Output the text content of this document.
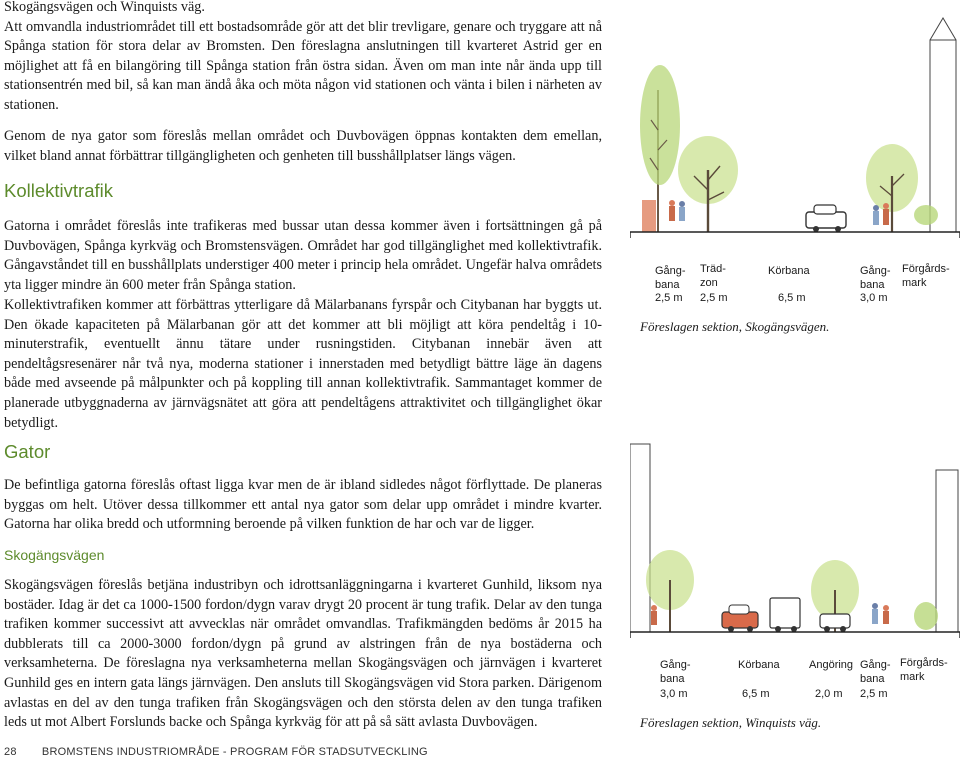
Skogängsvägen och Winquists väg.

Att omvandla industriområdet till ett bostadsområde gör att det blir trevligare, genare och tryggare att nå Spånga station för stora delar av Bromsten. Den föreslagna anslutningen till kvarteret Astrid ger en möjlighet att få en bilangöring till Spånga station från östra sidan. Även om man inte når ända upp till stationsentrén med bil, så kan man ändå åka och möta någon vid stationen och vänta i bilen i närheten av stationen.

Genom de nya gator som föreslås mellan området och Duvbovägen öppnas kontakten dem emellan, vilket bland annat förbättrar tillgängligheten och genheten till busshållplatser längs vägen.

Kollektivtrafik

Gatorna i området föreslås inte trafikeras med bussar utan dessa kommer även i fortsättningen gå på Duvbovägen, Spånga kyrkväg och Bromstensvägen. Området har god tillgänglighet med kollektivtrafik. Gångavståndet till en busshållplats understiger 400 meter i princip hela området. Ungefär halva områdets yta ligger mindre än 600 meter från Spånga station.

Kollektivtrafiken kommer att förbättras ytterligare då Mälarbanans fyrspår och Citybanan har byggts ut. Den ökade kapaciteten på Mälarbanan gör att det kommer att bli möjligt att köra pendeltåg i 10-minuterstrafik, eventuellt ännu tätare under rusningstiden. Citybanan innebär även att pendeltågsresenärer når två nya, moderna stationer i innerstaden med betydligt bättre läge än dagens både med avseende på målpunkter och på koppling till annan kollektivtrafik. Sammantaget kommer de planerade utbyggnaderna av järnvägsnätet att göra att pendeltågens attraktivitet och tillgänglighet ökar betydligt.

Gator

De befintliga gatorna föreslås oftast ligga kvar men de är ibland sidledes något förflyttade. De planeras byggas om helt. Utöver dessa tillkommer ett antal nya gator som delar upp området i mindre kvarter. Gatorna har olika bredd och utformning beroende på vilken funktion de har och var de ligger.

Skogängsvägen

Skogängsvägen föreslås betjäna industribyn och idrottsanläggningarna i kvarteret Gunhild, liksom nya bostäder. Idag är det ca 1000-1500 fordon/dygn varav drygt 20 procent är tung trafik. Delar av den tunga trafiken kommer successivt att avvecklas när området omvandlas. Trafikmängden bedöms år 2015 ha dubblerats till ca 2000-3000 fordon/dygn på grund av alstringen från de nya bostäderna och verksamheterna. De föreslagna nya verksamheterna mellan Skogängsvägen och järnvägen i kvarteret Gunhild ges en intern gata längs järnvägen. Den ansluts till Skogängsvägen vid Stora parken. Därigenom avlastas en del av den tunga trafiken från Skogängsvägen och den största delen av den tunga trafiken leds ut mot Albert Forslunds backe och Spånga kyrkväg för att på så sätt avlasta Duvbovägen.

28 BROMSTENS INDUSTRIOMRÅDE - PROGRAM FÖR STADSUTVECKLING
Gång-
bana
Träd-
zon
Körbana	Gång-
bana
Förgårds-
mark
2,5 m 2,5 m	6,5 m	3,0 m
Föreslagen sektion, Skogängsvägen.
Gång-
bana
Körbana	Angöring Gång-
bana
Förgårds-
mark
3,0 m	6,5 m	2,0 m 2,5 m
Föreslagen sektion, Winquists väg.
